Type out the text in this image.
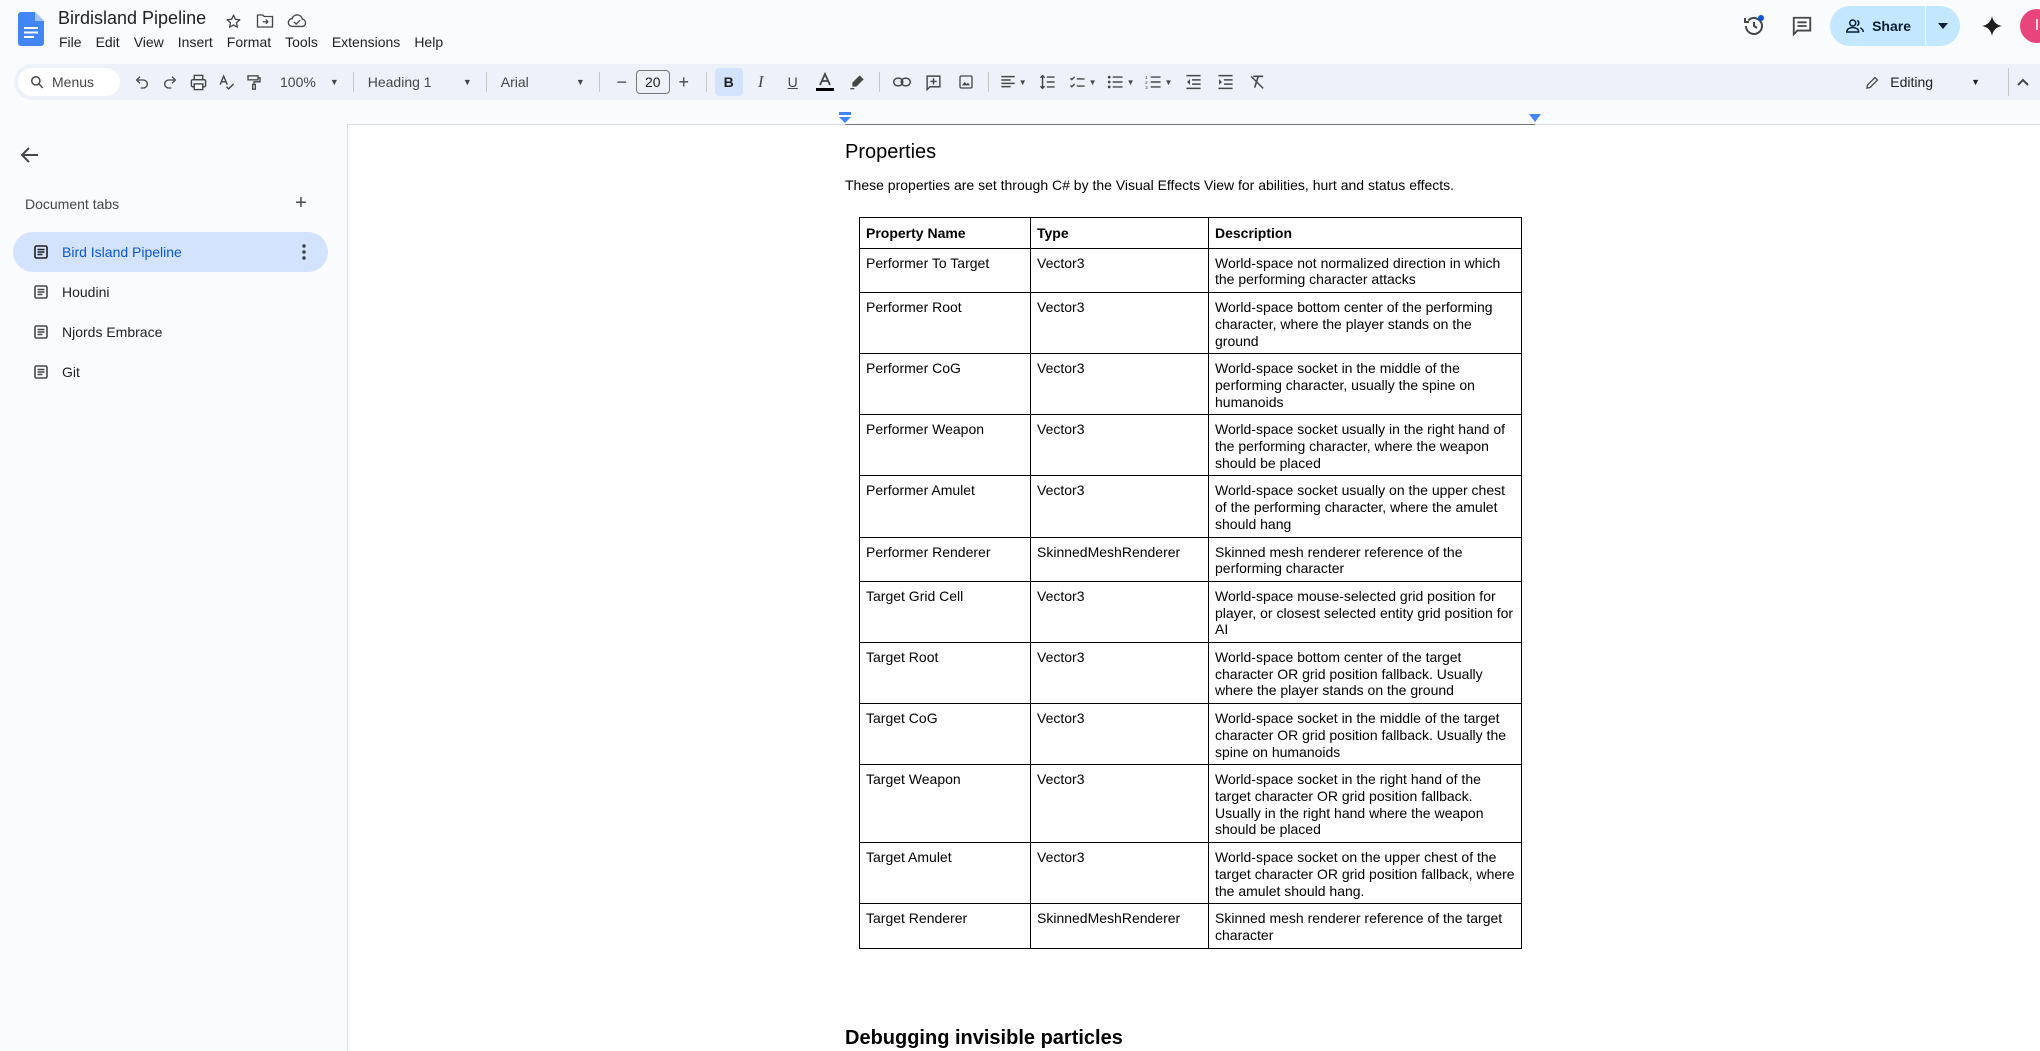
Birdisland Pipeline
File	Edit	View	Insert	Format	Tools	Extensions	Help
Share	I
Menus	100% ▼ Heading 1	▼ Arial	▼	−	20 +	B I U	▼	▼	▼ 1
2
3
▼	Editing	▼
Document tabs	+
Bird Island Pipeline
Houdini
Njords Embrace
Git
Properties

These properties are set through C# by the Visual Effects View for abilities, hurt and status effects.

Property Name	Type	Description
Performer To Target	Vector3	World-space not normalized direction in which the performing character attacks
Performer Root	Vector3	World-space bottom center of the performing character, where the player stands on the ground
Performer CoG	Vector3	World-space socket in the middle of the performing character, usually the spine on humanoids
Performer Weapon	Vector3	World-space socket usually in the right hand of the performing character, where the weapon should be placed
Performer Amulet	Vector3	World-space socket usually on the upper chest of the performing character, where the amulet should hang
Performer Renderer	SkinnedMeshRenderer	Skinned mesh renderer reference of the performing character
Target Grid Cell	Vector3	World-space mouse-selected grid position for player, or closest selected entity grid position for AI
Target Root	Vector3	World-space bottom center of the target character OR grid position fallback. Usually where the player stands on the ground
Target CoG	Vector3	World-space socket in the middle of the target character OR grid position fallback. Usually the spine on humanoids
Target Weapon	Vector3	World-space socket in the right hand of the target character OR grid position fallback. Usually in the right hand where the weapon should be placed
Target Amulet	Vector3	World-space socket on the upper chest of the target character OR grid position fallback, where the amulet should hang.
Target Renderer	SkinnedMeshRenderer	Skinned mesh renderer reference of the target character
Debugging invisible particles
